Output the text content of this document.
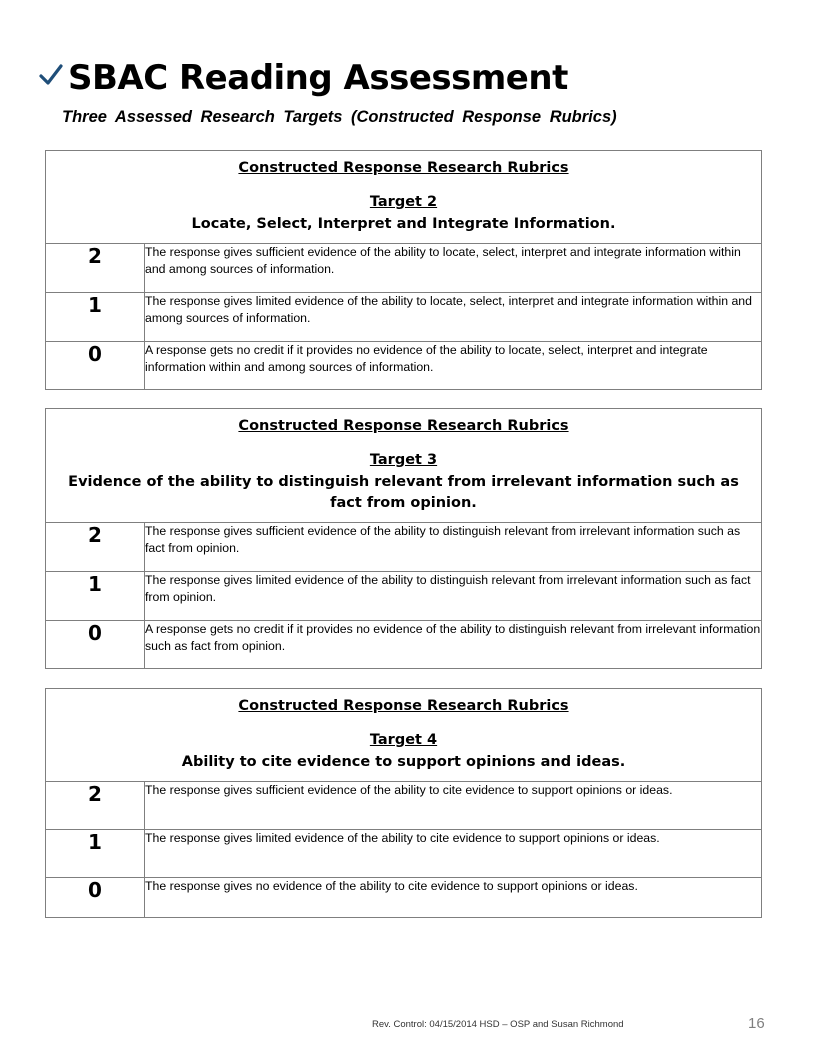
SBAC Reading Assessment
Three Assessed Research Targets (Constructed Response Rubrics)
Constructed Response Research Rubrics
Target 2
Locate, Select, Interpret and Integrate Information.	

2	The response gives sufficient evidence of the ability to locate, select, interpret and integrate information within and among sources of information.
1	The response gives limited evidence of the ability to locate, select, interpret and integrate information within and among sources of information.
0	A response gets no credit if it provides no evidence of the ability to locate, select, interpret and integrate information within and among sources of information.
Constructed Response Research Rubrics
Target 3
Evidence of the ability to distinguish relevant from irrelevant information such as fact from opinion.	

2	The response gives sufficient evidence of the ability to distinguish relevant from irrelevant information such as fact from opinion.
1	The response gives limited evidence of the ability to distinguish relevant from irrelevant information such as fact from opinion.
0	A response gets no credit if it provides no evidence of the ability to distinguish relevant from irrelevant information such as fact from opinion.
Constructed Response Research Rubrics
Target 4
Ability to cite evidence to support opinions and ideas.	

2	The response gives sufficient evidence of the ability to cite evidence to support opinions or ideas.
1	The response gives limited evidence of the ability to cite evidence to support opinions or ideas.
0	The response gives no evidence of the ability to cite evidence to support opinions or ideas.
Rev. Control: 04/15/2014 HSD – OSP and Susan Richmond	16
